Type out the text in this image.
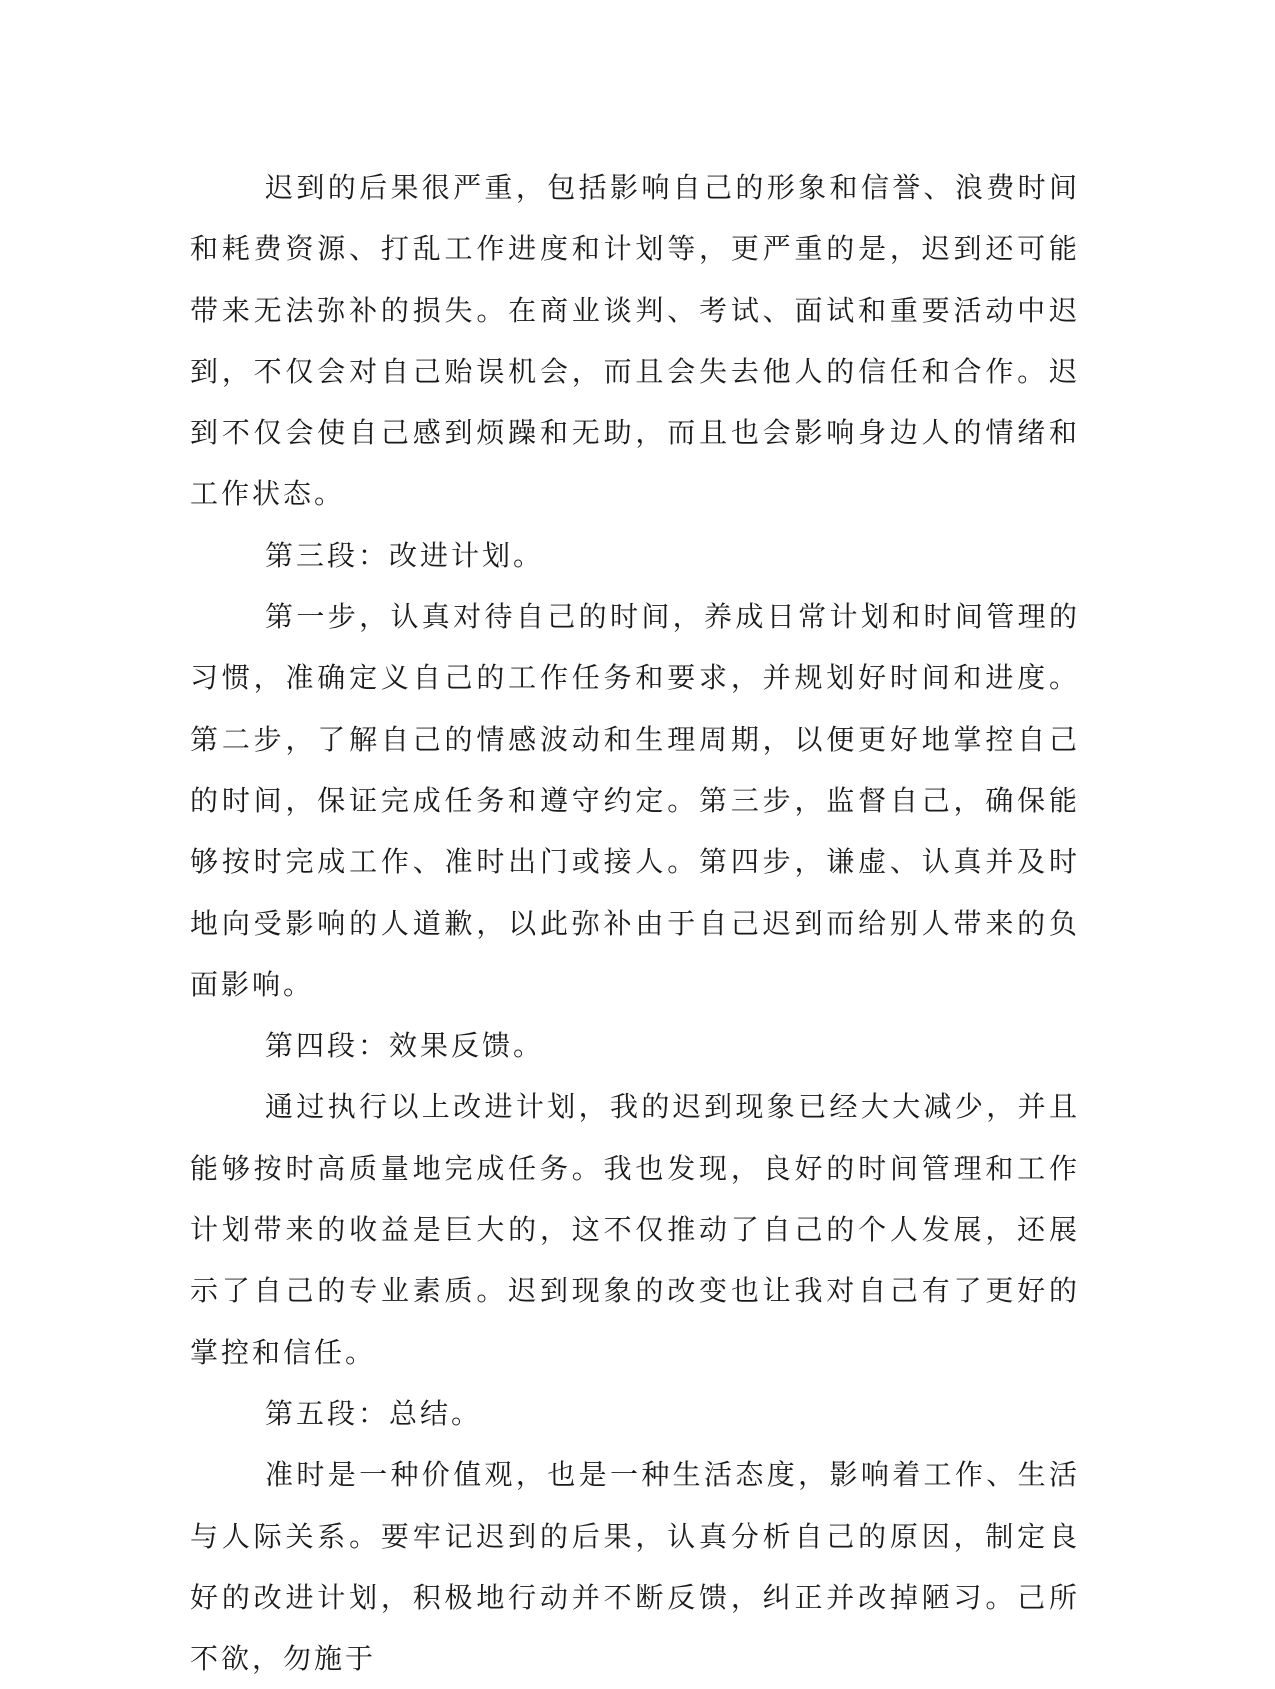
迟到的后果很严重，包括影响自己的形象和信誉、浪费时间和耗费资源、打乱工作进度和计划等，更严重的是，迟到还可能带来无法弥补的损失。在商业谈判、考试、面试和重要活动中迟到，不仅会对自己贻误机会，而且会失去他人的信任和合作。迟到不仅会使自己感到烦躁和无助，而且也会影响身边人的情绪和工作状态。

第三段：改进计划。

第一步，认真对待自己的时间，养成日常计划和时间管理的习惯，准确定义自己的工作任务和要求，并规划好时间和进度。第二步，了解自己的情感波动和生理周期，以便更好地掌控自己的时间，保证完成任务和遵守约定。第三步，监督自己，确保能够按时完成工作、准时出门或接人。第四步，谦虚、认真并及时地向受影响的人道歉，以此弥补由于自己迟到而给别人带来的负面影响。

第四段：效果反馈。

通过执行以上改进计划，我的迟到现象已经大大减少，并且能够按时高质量地完成任务。我也发现，良好的时间管理和工作计划带来的收益是巨大的，这不仅推动了自己的个人发展，还展示了自己的专业素质。迟到现象的改变也让我对自己有了更好的掌控和信任。

第五段：总结。

准时是一种价值观，也是一种生活态度，影响着工作、生活与人际关系。要牢记迟到的后果，认真分析自己的原因，制定良好的改进计划，积极地行动并不断反馈，纠正并改掉陋习。己所不欲，勿施于
